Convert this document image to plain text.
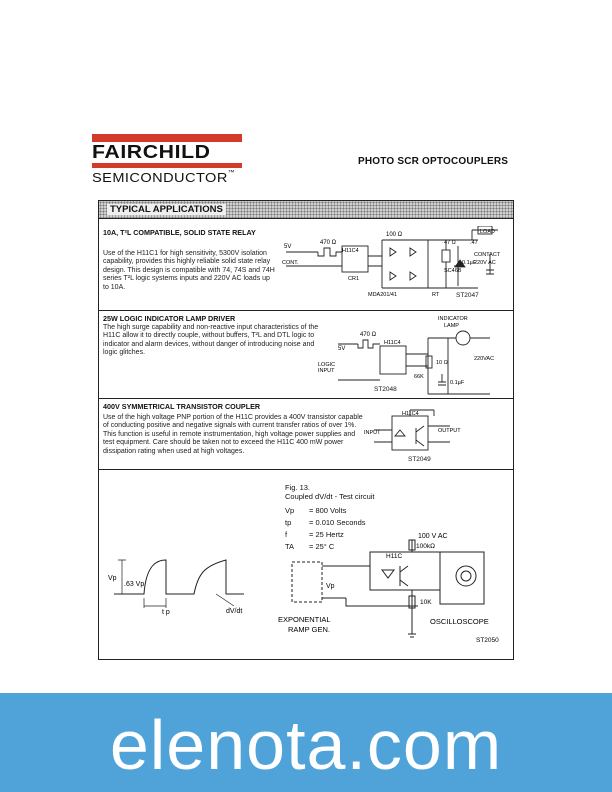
FAIRCHILD
SEMICONDUCTOR™
PHOTO SCR OPTOCOUPLERS
TYPICAL APPLICATIONS
10A, T²L COMPATIBLE, SOLID STATE RELAY
Use of the H11C1 for high sensitivity, 5300V isolation capability, provides this highly reliable solid state relay design. This design is compatible with 74, 74S and 74H series T²L logic systems inputs and 220V AC loads up to 10A.
470 Ω
5V
CONT.
H11C4
CR1
100 Ω
47 Ω
SC46B
0.1µF
LOAD
.47
RT
CONTACT
220V AC
MDA201/41	ST2047
25W LOGIC INDICATOR LAMP DRIVER
The high surge capability and non-reactive input characteristics of the H11C allow it to directly couple, without buffers, T²L and DTL logic to indicator and alarm devices, without danger of introducing noise and logic glitches.
470 Ω
5V
H11C4
LOGIC
INPUT
INDICATOR
LAMP
10 Ω
66K
0.1µF
220VAC
ST2048
400V SYMMETRICAL TRANSISTOR COUPLER
Use of the high voltage PNP portion of the H11C provides a 400V transistor capable of conducting positive and negative signals with current transfer ratios of over 1%. This function is useful in remote instrumentation, high voltage power supplies and test equipment. Care should be taken not to exceed the H11C 400 mW power dissipation rating when used at high voltages.
H11C4
INPUT	OUTPUT
ST2049
Fig. 13.
Coupled dV/dt - Test circuit
Vp = 800 Volts
tp = 0.010 Seconds
f	= 25 Hertz
TA = 25° C
Vp
.63 Vp
t p	dV/dt
Vp
100 V AC
100kΩ
H11C
10K
EXPONENTIAL
RAMP GEN.
OSCILLOSCOPE
ST2050
elenota.com
